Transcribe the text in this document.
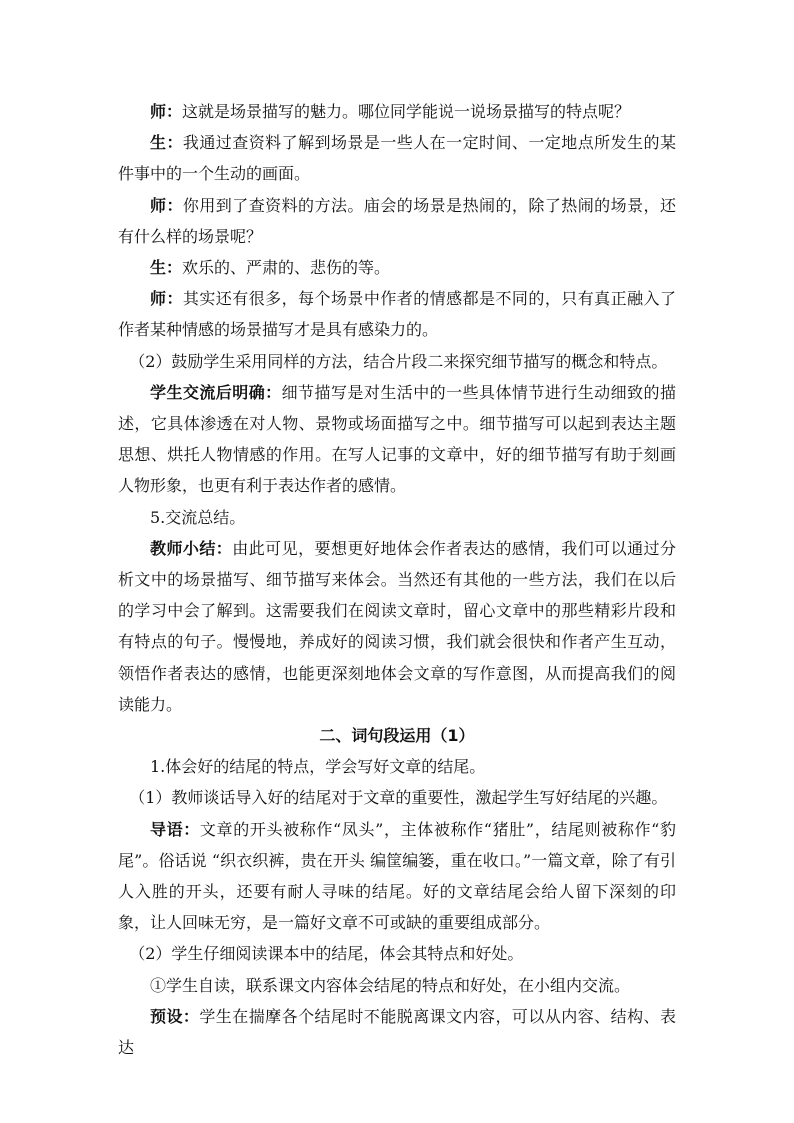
师：这就是场景描写的魅力。哪位同学能说一说场景描写的特点呢？

生：我通过查资料了解到场景是一些人在一定时间、一定地点所发生的某件事中的一个生动的画面。

师：你用到了查资料的方法。庙会的场景是热闹的，除了热闹的场景，还有什么样的场景呢？

生：欢乐的、严肃的、悲伤的等。

师：其实还有很多，每个场景中作者的情感都是不同的，只有真正融入了作者某种情感的场景描写才是具有感染力的。

（2）鼓励学生采用同样的方法，结合片段二来探究细节描写的概念和特点。

学生交流后明确：细节描写是对生活中的一些具体情节进行生动细致的描述，它具体渗透在对人物、景物或场面描写之中。细节描写可以起到表达主题思想、烘托人物情感的作用。在写人记事的文章中，好的细节描写有助于刻画人物形象，也更有利于表达作者的感情。

5.交流总结。

教师小结：由此可见，要想更好地体会作者表达的感情，我们可以通过分析文中的场景描写、细节描写来体会。当然还有其他的一些方法，我们在以后的学习中会了解到。这需要我们在阅读文章时，留心文章中的那些精彩片段和有特点的句子。慢慢地，养成好的阅读习惯，我们就会很快和作者产生互动，领悟作者表达的感情，也能更深刻地体会文章的写作意图，从而提高我们的阅读能力。

二、词句段运用（1）

1.体会好的结尾的特点，学会写好文章的结尾。

（1）教师谈话导入好的结尾对于文章的重要性，激起学生写好结尾的兴趣。

导语：文章的开头被称作“凤头”，主体被称作“猪肚”，结尾则被称作“豹尾”。俗话说 “织衣织裤，贵在开头 编筐编篓，重在收口。”一篇文章，除了有引人入胜的开头，还要有耐人寻味的结尾。好的文章结尾会给人留下深刻的印象，让人回味无穷，是一篇好文章不可或缺的重要组成部分。

（2）学生仔细阅读课本中的结尾，体会其特点和好处。

①学生自读，联系课文内容体会结尾的特点和好处，在小组内交流。

预设：学生在揣摩各个结尾时不能脱离课文内容，可以从内容、结构、表达
